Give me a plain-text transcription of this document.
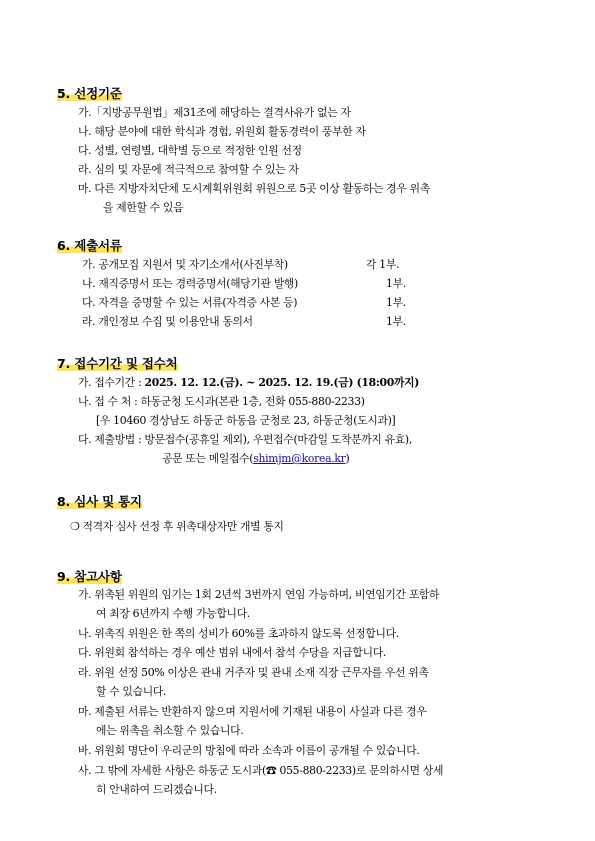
5. 선정기준
가.「지방공무원법」제31조에 해당하는 결격사유가 없는 자
나. 해당 분야에 대한 학식과 경험, 위원회 활동경력이 풍부한 자
다. 성별, 연령별, 대학별 등으로 적정한 인원 선정
라. 심의 및 자문에 적극적으로 참여할 수 있는 자
마. 다른 지방자치단체 도시계획위원회 위원으로 5곳 이상 활동하는 경우 위촉
을 제한할 수 있음
6. 제출서류
가. 공개모집 지원서 및 자기소개서(사진부착)	각 1부.
나. 재직증명서 또는 경력증명서(해당기관 발행)	1부.
다. 자격을 증명할 수 있는 서류(자격증 사본 등)	1부.
라. 개인정보 수집 및 이용안내 동의서	1부.
7. 접수기간 및 접수처
가. 접수기간 : 2025. 12. 12.(금). ~ 2025. 12. 19.(금) (18:00까지)
나. 접 수 처 : 하동군청 도시과(본관 1층, 전화 055-880-2233)
[우 10460 경상남도 하동군 하동읍 군청로 23, 하동군청(도시과)]
다. 제출방법 : 방문접수(공휴일 제외), 우편접수(마감일 도착분까지 유효),
공문 또는 메일접수(shimjm@korea.kr)
8. 심사 및 통지
❍ 적격자 심사 선정 후 위촉대상자만 개별 통지
9. 참고사항
가. 위촉된 위원의 임기는 1회 2년씩 3번까지 연임 가능하며, 비연임기간 포함하
여 최장 6년까지 수행 가능합니다.
나. 위촉직 위원은 한 쪽의 성비가 60%를 초과하지 않도록 선정합니다.
다. 위원회 참석하는 경우 예산 범위 내에서 참석 수당을 지급합니다.
라. 위원 선정 50% 이상은 관내 거주자 및 관내 소재 직장 근무자를 우선 위촉
할 수 있습니다.
마. 제출된 서류는 반환하지 않으며 지원서에 기재된 내용이 사실과 다른 경우
에는 위촉을 취소할 수 있습니다.
바. 위원회 명단이 우리군의 방침에 따라 소속과 이름이 공개될 수 있습니다.
사. 그 밖에 자세한 사항은 하동군 도시과(☎ 055-880-2233)로 문의하시면 상세
히 안내하여 드리겠습니다.
